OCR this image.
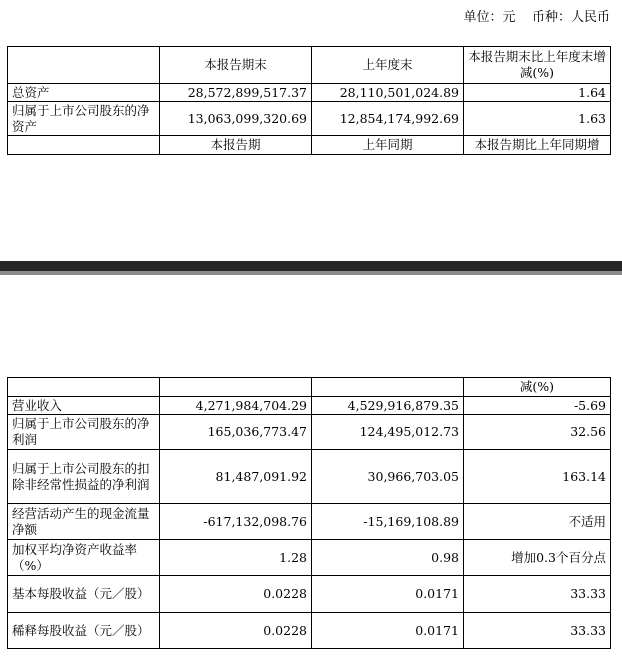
单位：元    币种：人民币
	本报告期末	上年度末	本报告期末比上年度末增减(%)
总资产	28,572,899,517.37	28,110,501,024.89	1.64
归属于上市公司股东的净资产	13,063,099,320.69	12,854,174,992.69	1.63
	本报告期	上年同期	本报告期比上年同期增
			减(%)
营业收入	4,271,984,704.29	4,529,916,879.35	-5.69
归属于上市公司股东的净利润	165,036,773.47	124,495,012.73	32.56
归属于上市公司股东的扣除非经常性损益的净利润	81,487,091.92	30,966,703.05	163.14
经营活动产生的现金流量净额	-617,132,098.76	-15,169,108.89	不适用
加权平均净资产收益率（%）	1.28	0.98	增加0.3个百分点
基本每股收益（元／股）	0.0228	0.0171	33.33
稀释每股收益（元／股）	0.0228	0.0171	33.33
